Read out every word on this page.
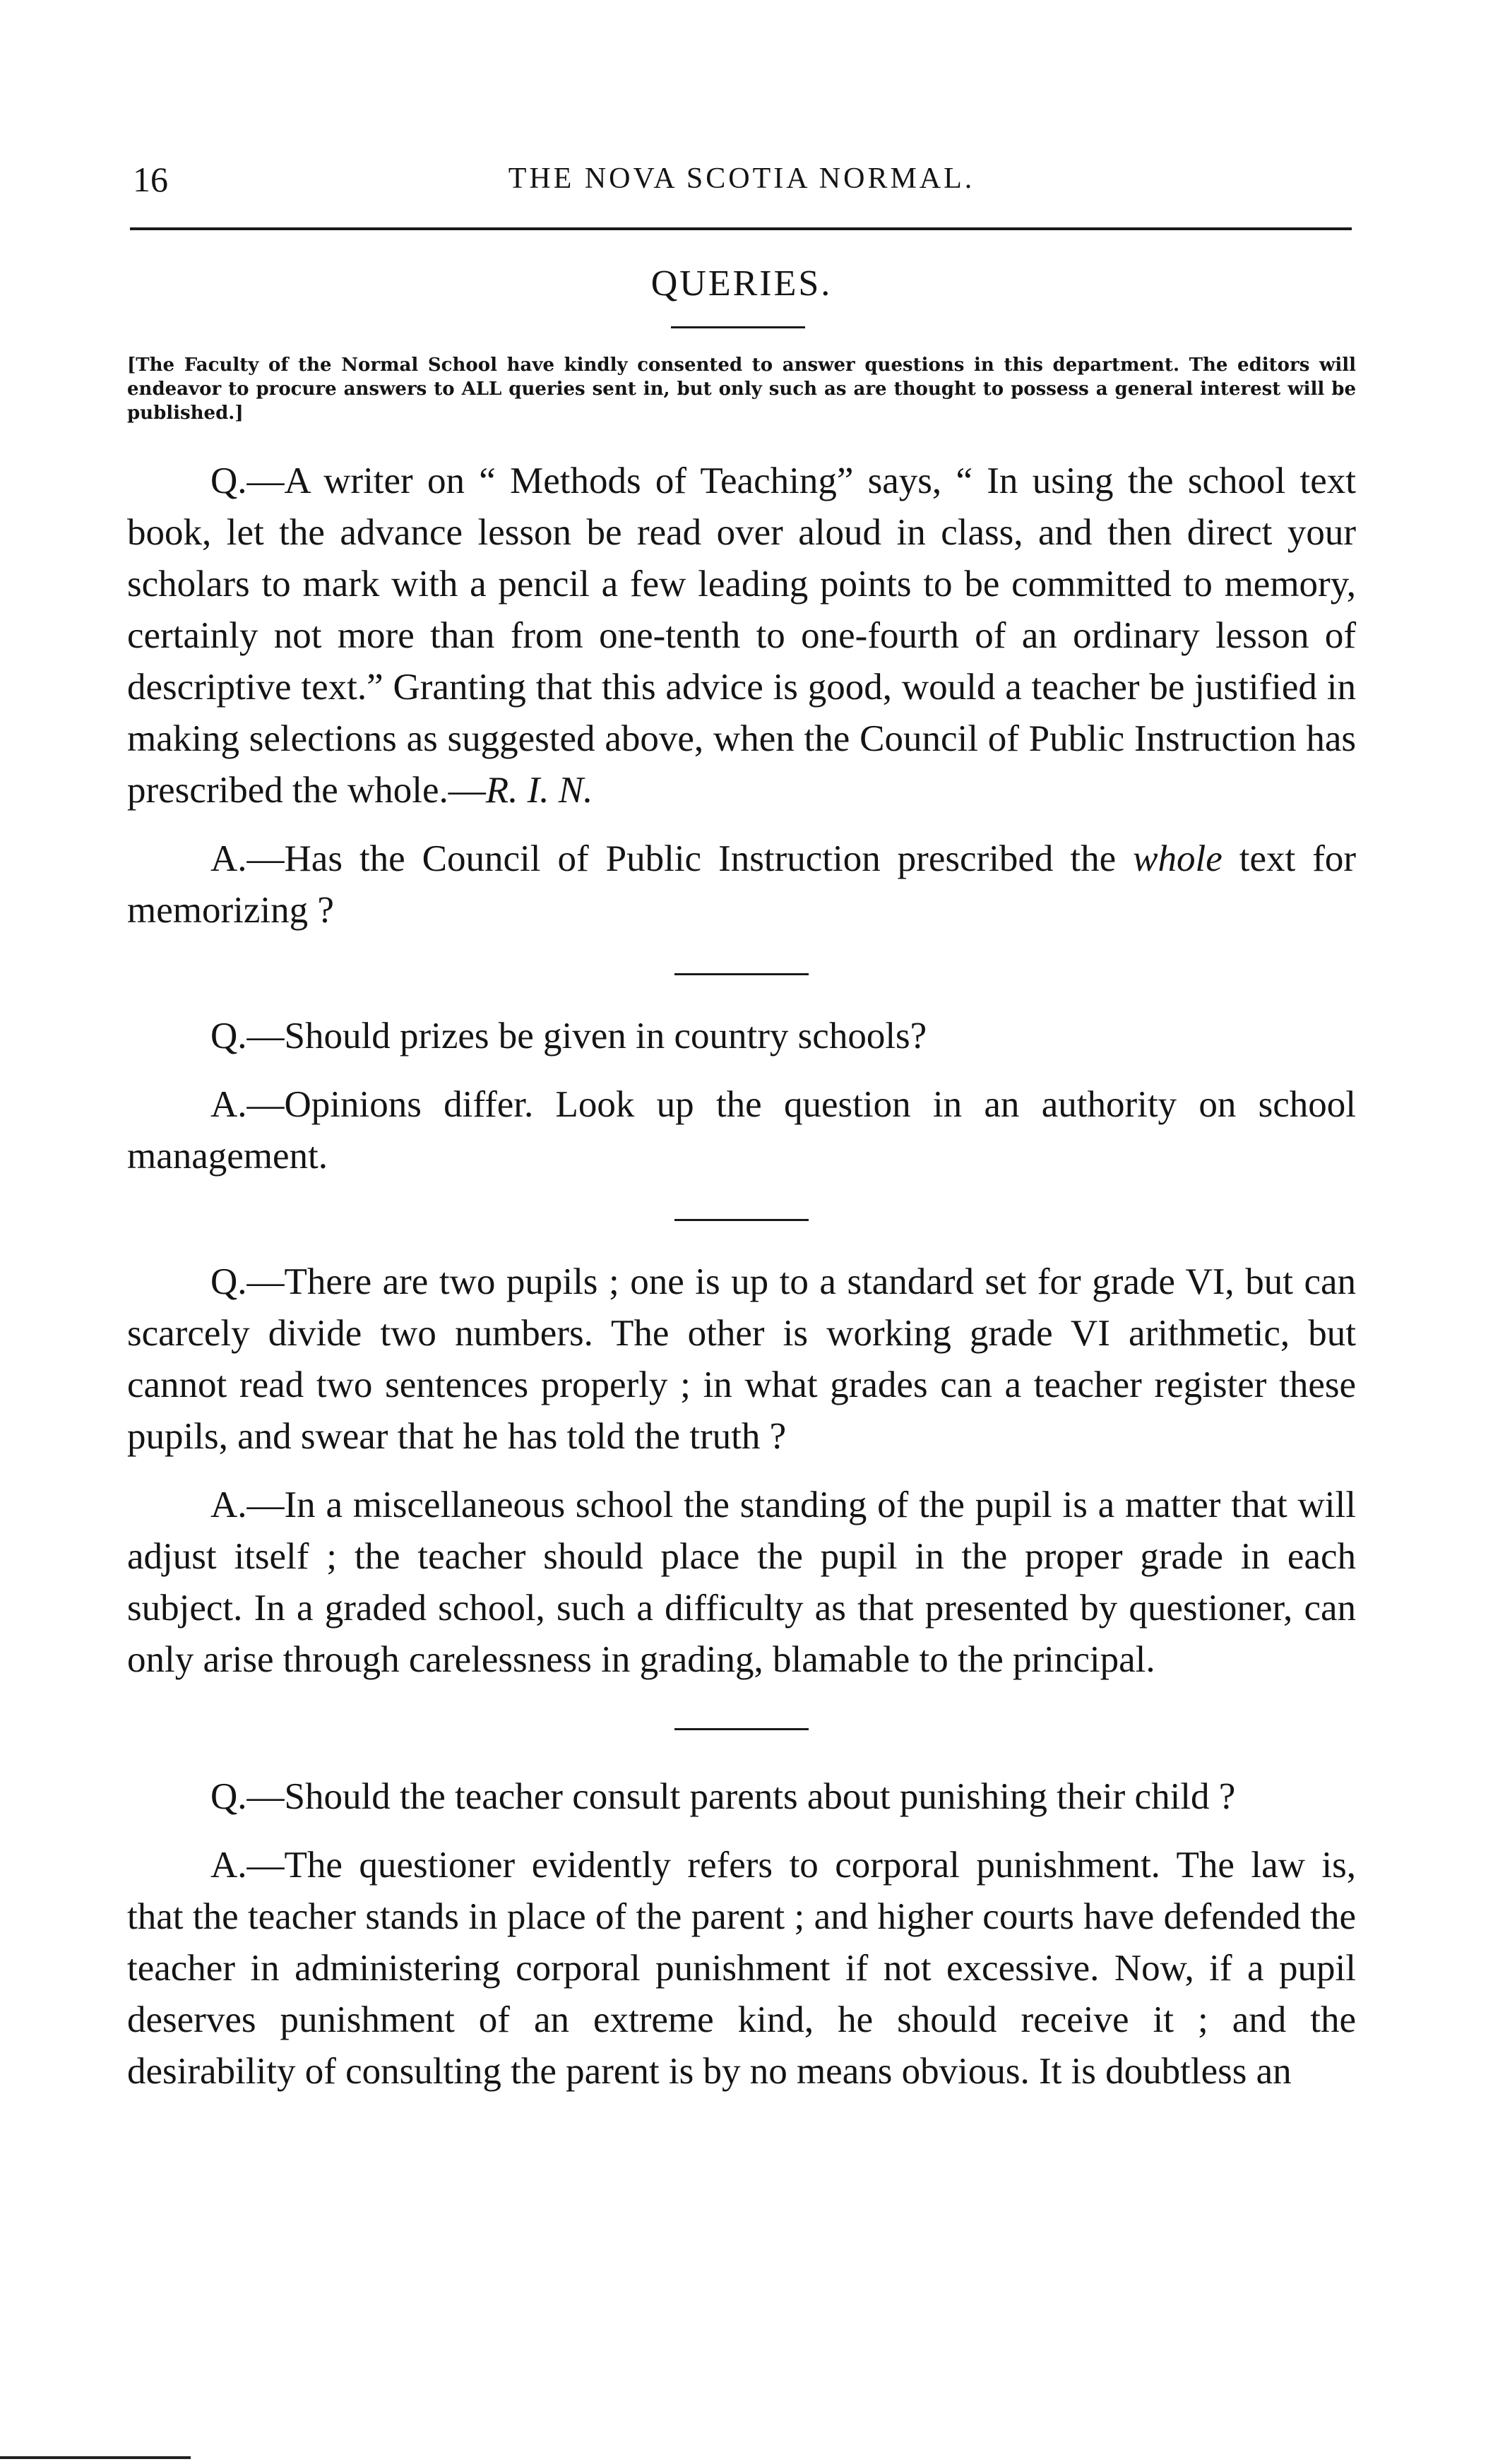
16	THE NOVA SCOTIA NORMAL.
QUERIES.
[The Faculty of the Normal School have kindly consented to answer questions in this department. The editors will endeavor to procure answers to ALL queries sent in, but only such as are thought to possess a general interest will be published.]

Q.—A writer on “ Methods of Teaching” says, “ In using the school text book, let the advance lesson be read over aloud in class, and then direct your scholars to mark with a pencil a few leading points to be committed to memory, certainly not more than from one-tenth to one-fourth of an ordinary lesson of descriptive text.” Granting that this advice is good, would a teacher be justified in making selections as suggested above, when the Council of Public Instruction has prescribed the whole.—R. I. N.

A.—Has the Council of Public Instruction prescribed the whole text for memorizing ?

Q.—Should prizes be given in country schools?

A.—Opinions differ. Look up the question in an authority on school management.

Q.—There are two pupils ; one is up to a standard set for grade VI, but can scarcely divide two numbers. The other is working grade VI arithmetic, but cannot read two sentences properly ; in what grades can a teacher register these pupils, and swear that he has told the truth ?

A.—In a miscellaneous school the standing of the pupil is a matter that will adjust itself ; the teacher should place the pupil in the proper grade in each subject. In a graded school, such a difficulty as that presented by questioner, can only arise through carelessness in grading, blamable to the principal.

Q.—Should the teacher consult parents about punishing their child ?

A.—The questioner evidently refers to corporal punishment. The law is, that the teacher stands in place of the parent ; and higher courts have defended the teacher in administering corporal punishment if not excessive. Now, if a pupil deserves punishment of an extreme kind, he should receive it ; and the desirability of consulting the parent is by no means obvious. It is doubtless an
